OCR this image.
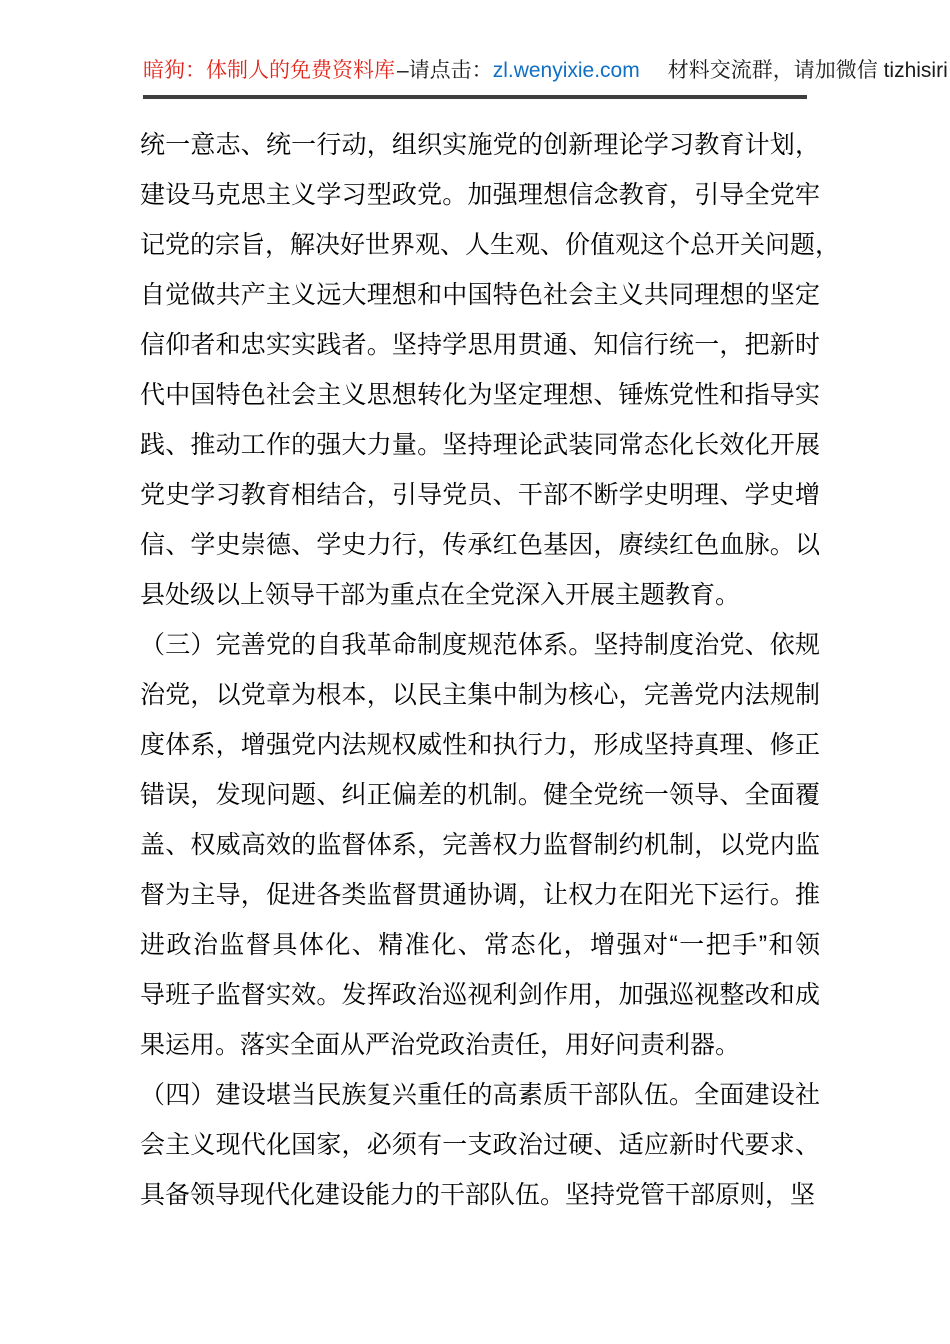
暗狗：体制人的免费资料库–请点击：zl.wenyixie.com 材料交流群，请加微信 tizhisiri
统一意志、统一行动，组织实施党的创新理论学习教育计划，
建设马克思主义学习型政党。加强理想信念教育，引导全党牢
记党的宗旨，解决好世界观、人生观、价值观这个总开关问题，
自觉做共产主义远大理想和中国特色社会主义共同理想的坚定
信仰者和忠实实践者。坚持学思用贯通、知信行统一，把新时
代中国特色社会主义思想转化为坚定理想、锤炼党性和指导实
践、推动工作的强大力量。坚持理论武装同常态化长效化开展
党史学习教育相结合，引导党员、干部不断学史明理、学史增
信、学史崇德、学史力行，传承红色基因，赓续红色血脉。以
县处级以上领导干部为重点在全党深入开展主题教育。
（三）完善党的自我革命制度规范体系。坚持制度治党、依规
治党，以党章为根本，以民主集中制为核心，完善党内法规制
度体系，增强党内法规权威性和执行力，形成坚持真理、修正
错误，发现问题、纠正偏差的机制。健全党统一领导、全面覆
盖、权威高效的监督体系，完善权力监督制约机制，以党内监
督为主导，促进各类监督贯通协调，让权力在阳光下运行。推
进政治监督具体化、精准化、常态化，增强对“一把手”和领
导班子监督实效。发挥政治巡视利剑作用，加强巡视整改和成
果运用。落实全面从严治党政治责任，用好问责利器。
（四）建设堪当民族复兴重任的高素质干部队伍。全面建设社
会主义现代化国家，必须有一支政治过硬、适应新时代要求、
具备领导现代化建设能力的干部队伍。坚持党管干部原则，坚
